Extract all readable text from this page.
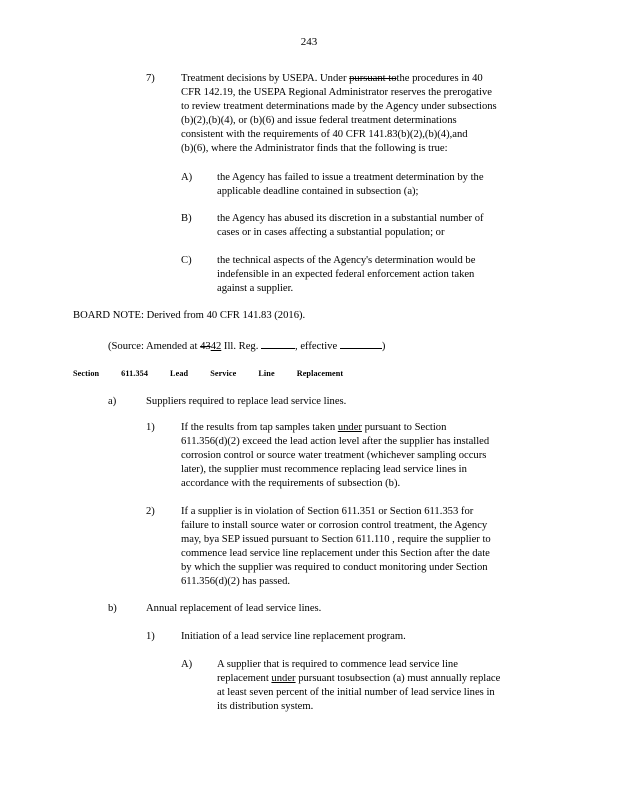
243
7) Treatment decisions by USEPA. Under pursuant tothe procedures in 40
CFR 142.19, the USEPA Regional Administrator reserves the prerogative
to review treatment determinations made by the Agency under subsections
(b)(2),(b)(4), or (b)(6) and issue federal treatment determinations
consistent with the requirements of 40 CFR 141.83(b)(2),(b)(4),and
(b)(6), where the Administrator finds that the following is true:
A) the Agency has failed to issue a treatment determination by the
applicable deadline contained in subsection (a);
B) the Agency has abused its discretion in a substantial number of
cases or in cases affecting a substantial population; or
C) the technical aspects of the Agency's determination would be
indefensible in an expected federal enforcement action taken
against a supplier.
BOARD NOTE: Derived from 40 CFR 141.83 (2016).
(Source: Amended at 4342 Ill. Reg.	, effective	)
Section	611.354	Lead	Service	Line	Replacement
a)	Suppliers required to replace lead service lines.
1) If the results from tap samples taken under pursuant to Section
611.356(d)(2) exceed the lead action level after the supplier has installed
corrosion control or source water treatment (whichever sampling occurs
later), the supplier must recommence replacing lead service lines in
accordance with the requirements of subsection (b).
2) If a supplier is in violation of Section 611.351 or Section 611.353 for
failure to install source water or corrosion control treatment, the Agency
may, bya SEP issued pursuant to Section 611.110 , require the supplier to
commence lead service line replacement under this Section after the date
by which the supplier was required to conduct monitoring under Section
611.356(d)(2) has passed.
b)	Annual replacement of lead service lines.
1) Initiation of a lead service line replacement program.
A) A supplier that is required to commence lead service line
replacement under pursuant tosubsection (a) must annually replace
at least seven percent of the initial number of lead service lines in
its distribution system.
